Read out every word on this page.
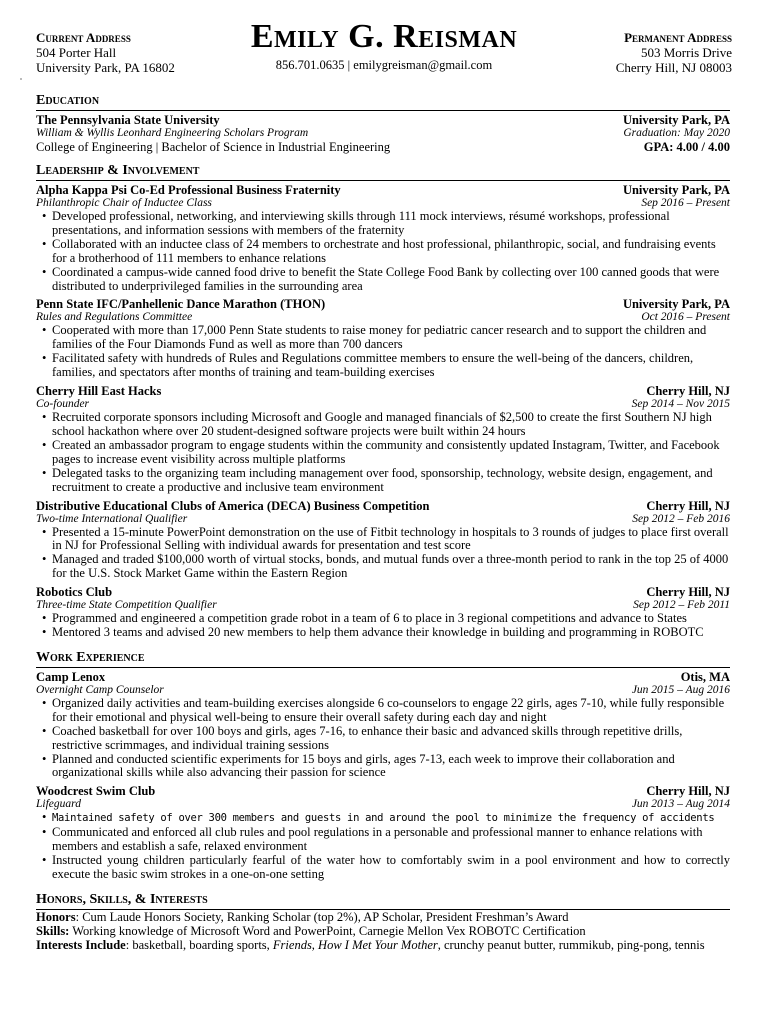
Current Address
504 Porter Hall
University Park, PA 16802
Emily G. Reisman
856.701.0635 | emilygreisman@gmail.com
Permanent Address
503 Morris Drive
Cherry Hill, NJ 08003
Education
The Pennsylvania State University	University Park, PA
William & Wyllis Leonhard Engineering Scholars Program	Graduation: May 2020
College of Engineering | Bachelor of Science in Industrial Engineering	GPA: 4.00 / 4.00
Leadership & Involvement
Alpha Kappa Psi Co-Ed Professional Business Fraternity	University Park, PA
Philanthropic Chair of Inductee Class	Sep 2016 – Present
• Developed professional, networking, and interviewing skills through 111 mock interviews, résumé workshops, professional presentations, and information sessions with members of the fraternity
• Collaborated with an inductee class of 24 members to orchestrate and host professional, philanthropic, social, and fundraising events for a brotherhood of 111 members to enhance relations
• Coordinated a campus-wide canned food drive to benefit the State College Food Bank by collecting over 100 canned goods that were distributed to underprivileged families in the surrounding area
Penn State IFC/Panhellenic Dance Marathon (THON)	University Park, PA
Rules and Regulations Committee	Oct 2016 – Present
• Cooperated with more than 17,000 Penn State students to raise money for pediatric cancer research and to support the children and families of the Four Diamonds Fund as well as more than 700 dancers
• Facilitated safety with hundreds of Rules and Regulations committee members to ensure the well-being of the dancers, children, families, and spectators after months of training and team-building exercises
Cherry Hill East Hacks	Cherry Hill, NJ
Co-founder	Sep 2014 – Nov 2015
• Recruited corporate sponsors including Microsoft and Google and managed financials of $2,500 to create the first Southern NJ high school hackathon where over 20 student-designed software projects were built within 24 hours
• Created an ambassador program to engage students within the community and consistently updated Instagram, Twitter, and Facebook pages to increase event visibility across multiple platforms
• Delegated tasks to the organizing team including management over food, sponsorship, technology, website design, engagement, and recruitment to create a productive and inclusive team environment
Distributive Educational Clubs of America (DECA) Business Competition	Cherry Hill, NJ
Two-time International Qualifier	Sep 2012 – Feb 2016
• Presented a 15-minute PowerPoint demonstration on the use of Fitbit technology in hospitals to 3 rounds of judges to place first overall in NJ for Professional Selling with individual awards for presentation and test score
• Managed and traded $100,000 worth of virtual stocks, bonds, and mutual funds over a three-month period to rank in the top 25 of 4000 for the U.S. Stock Market Game within the Eastern Region
Robotics Club	Cherry Hill, NJ
Three-time State Competition Qualifier	Sep 2012 – Feb 2011
• Programmed and engineered a competition grade robot in a team of 6 to place in 3 regional competitions and advance to States
• Mentored 3 teams and advised 20 new members to help them advance their knowledge in building and programming in ROBOTC
Work Experience
Camp Lenox	Otis, MA
Overnight Camp Counselor	Jun 2015 – Aug 2016
• Organized daily activities and team-building exercises alongside 6 co-counselors to engage 22 girls, ages 7-10, while fully responsible for their emotional and physical well-being to ensure their overall safety during each day and night
• Coached basketball for over 100 boys and girls, ages 7-16, to enhance their basic and advanced skills through repetitive drills, restrictive scrimmages, and individual training sessions
• Planned and conducted scientific experiments for 15 boys and girls, ages 7-13, each week to improve their collaboration and organizational skills while also advancing their passion for science
Woodcrest Swim Club	Cherry Hill, NJ
Lifeguard	Jun 2013 – Aug 2014
• Maintained safety of over 300 members and guests in and around the pool to minimize the frequency of accidents
• Communicated and enforced all club rules and pool regulations in a personable and professional manner to enhance relations with members and establish a safe, relaxed environment
• Instructed young children particularly fearful of the water how to comfortably swim in a pool environment and how to correctly execute the basic swim strokes in a one-on-one setting
Honors, Skills, & Interests
Honors: Cum Laude Honors Society, Ranking Scholar (top 2%), AP Scholar, President Freshman’s Award
Skills: Working knowledge of Microsoft Word and PowerPoint, Carnegie Mellon Vex ROBOTC Certification
Interests Include: basketball, boarding sports, Friends, How I Met Your Mother, crunchy peanut butter, rummikub, ping-pong, tennis
